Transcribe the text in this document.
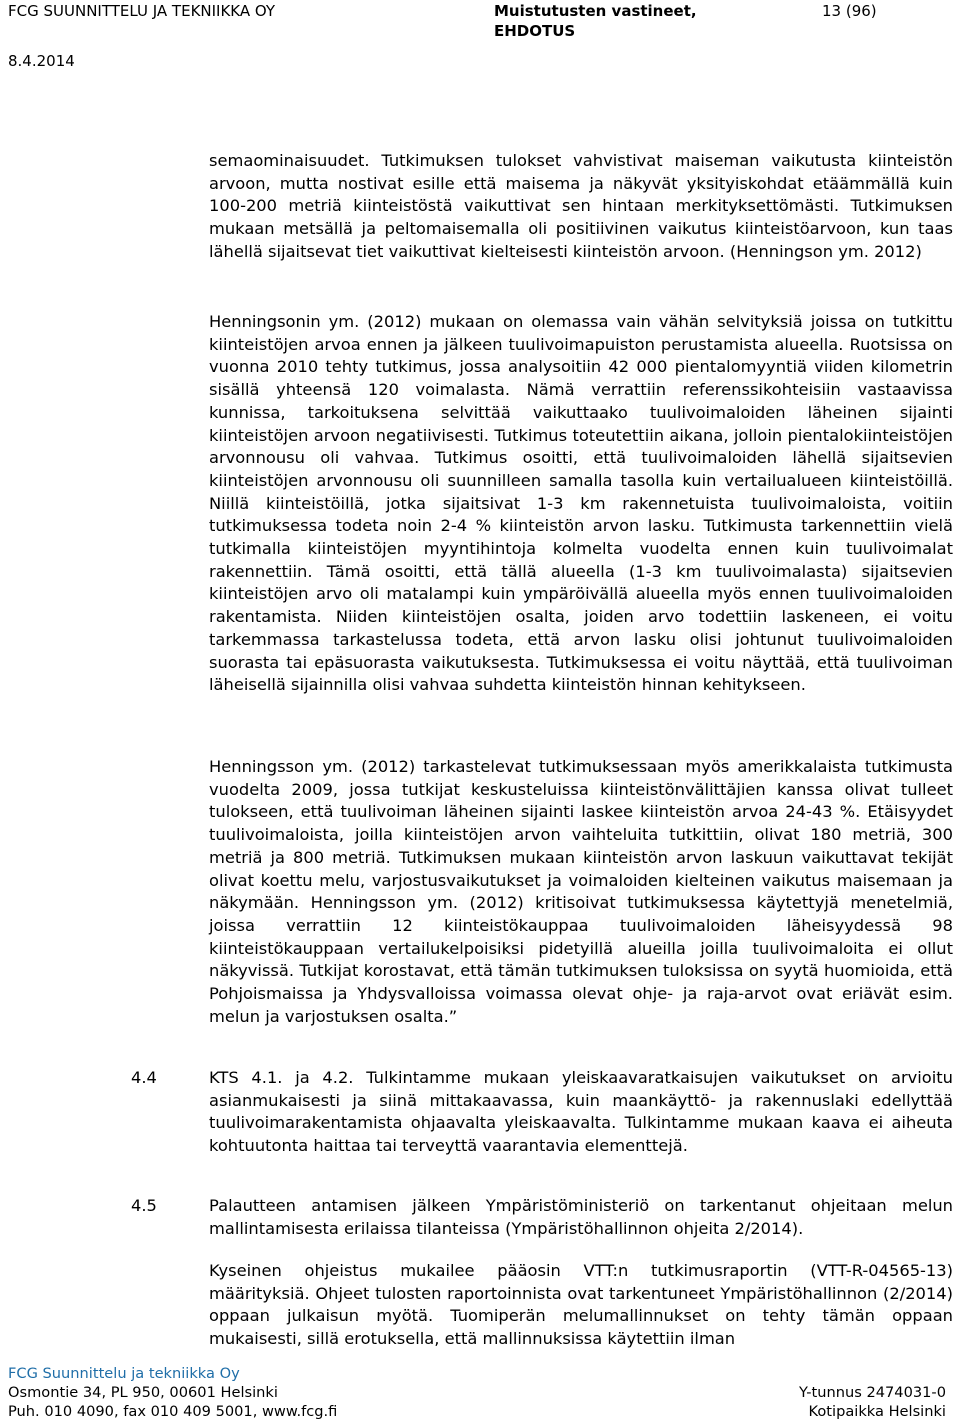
FCG SUUNNITTELU JA TEKNIIKKA OY	Muistutusten vastineet,
EHDOTUS
13 (96)
8.4.2014

semaominaisuudet. Tutkimuksen tulokset vahvistivat maiseman vaikutusta kiinteistön arvoon, mutta nostivat esille että maisema ja näkyvät yksityiskohdat etäämmällä kuin 100-200 metriä kiinteistöstä vaikuttivat sen hintaan merkityksettömästi. Tutkimuksen mukaan metsällä ja peltomaisemalla oli positiivinen vaikutus kiinteistöarvoon, kun taas lähellä sijaitsevat tiet vaikuttivat kielteisesti kiinteistön arvoon. (Henningson ym. 2012)

Henningsonin ym. (2012) mukaan on olemassa vain vähän selvityksiä joissa on tutkittu kiinteistöjen arvoa ennen ja jälkeen tuulivoimapuiston perustamista alueella. Ruotsissa on vuonna 2010 tehty tutkimus, jossa analysoitiin 42 000 pientalomyyntiä viiden kilometrin sisällä yhteensä 120 voimalasta. Nämä verrattiin referenssikohteisiin vastaavissa kunnissa, tarkoituksena selvittää vaikuttaako tuulivoimaloiden läheinen sijainti kiinteistöjen arvoon negatiivisesti. Tutkimus toteutettiin aikana, jolloin pientalokiinteistöjen arvonnousu oli vahvaa. Tutkimus osoitti, että tuulivoimaloiden lähellä sijaitsevien kiinteistöjen arvonnousu oli suunnilleen samalla tasolla kuin vertailualueen kiinteistöillä. Niillä kiinteistöillä, jotka sijaitsivat 1-3 km rakennetuista tuulivoimaloista, voitiin tutkimuksessa todeta noin 2-4 % kiinteistön arvon lasku. Tutkimusta tarkennettiin vielä tutkimalla kiinteistöjen myyntihintoja kolmelta vuodelta ennen kuin tuulivoimalat rakennettiin. Tämä osoitti, että tällä alueella (1-3 km tuulivoimalasta) sijaitsevien kiinteistöjen arvo oli matalampi kuin ympäröivällä alueella myös ennen tuulivoimaloiden rakentamista. Niiden kiinteistöjen osalta, joiden arvo todettiin laskeneen, ei voitu tarkemmassa tarkastelussa todeta, että arvon lasku olisi johtunut tuulivoimaloiden suorasta tai epäsuorasta vaikutuksesta. Tutkimuksessa ei voitu näyttää, että tuulivoiman läheisellä sijainnilla olisi vahvaa suhdetta kiinteistön hinnan kehitykseen.

Henningsson ym. (2012) tarkastelevat tutkimuksessaan myös amerikkalaista tutkimusta vuodelta 2009, jossa tutkijat keskusteluissa kiinteistönvälittäjien kanssa olivat tulleet tulokseen, että tuulivoiman läheinen sijainti laskee kiinteistön arvoa 24-43 %. Etäisyydet tuulivoimaloista, joilla kiinteistöjen arvon vaihteluita tutkittiin, olivat 180 metriä, 300 metriä ja 800 metriä. Tutkimuksen mukaan kiinteistön arvon laskuun vaikuttavat tekijät olivat koettu melu, varjostusvaikutukset ja voimaloiden kielteinen vaikutus maisemaan ja näkymään. Henningsson ym. (2012) kritisoivat tutkimuksessa käytettyjä menetelmiä, joissa verrattiin 12 kiinteistökauppaa tuulivoimaloiden läheisyydessä 98 kiinteistökauppaan vertailukelpoisiksi pidetyillä alueilla joilla tuulivoimaloita ei ollut näkyvissä. Tutkijat korostavat, että tämän tutkimuksen tuloksissa on syytä huomioida, että Pohjoismaissa ja Yhdysvalloissa voimassa olevat ohje- ja raja-arvot ovat eriävät esim. melun ja varjostuksen osalta.”

4.4	KTS 4.1. ja 4.2. Tulkintamme mukaan yleiskaavaratkaisujen vaikutukset on arvioitu asianmukaisesti ja siinä mittakaavassa, kuin maankäyttö- ja rakennuslaki edellyttää tuulivoimarakentamista ohjaavalta yleiskaavalta. Tulkintamme mukaan kaava ei aiheuta kohtuutonta haittaa tai terveyttä vaarantavia elementtejä.
4.5	Palautteen antamisen jälkeen Ympäristöministeriö on tarkentanut ohjeitaan melun mallintamisesta erilaissa tilanteissa (Ympäristöhallinnon ohjeita 2/2014).

Kyseinen ohjeistus mukailee pääosin VTT:n tutkimusraportin (VTT-R-04565-13) määrityksiä. Ohjeet tulosten raportoinnista ovat tarkentuneet Ympäristöhallinnon (2/2014) oppaan julkaisun myötä. Tuomiperän melumallinnukset on tehty tämän oppaan mukaisesti, sillä erotuksella, että mallinnuksissa käytettiin ilman

FCG Suunnittelu ja tekniikka Oy
Osmontie 34, PL 950, 00601 Helsinki	Y-tunnus 2474031-0
Puh. 010 4090, fax 010 409 5001, www.fcg.fi	Kotipaikka Helsinki
